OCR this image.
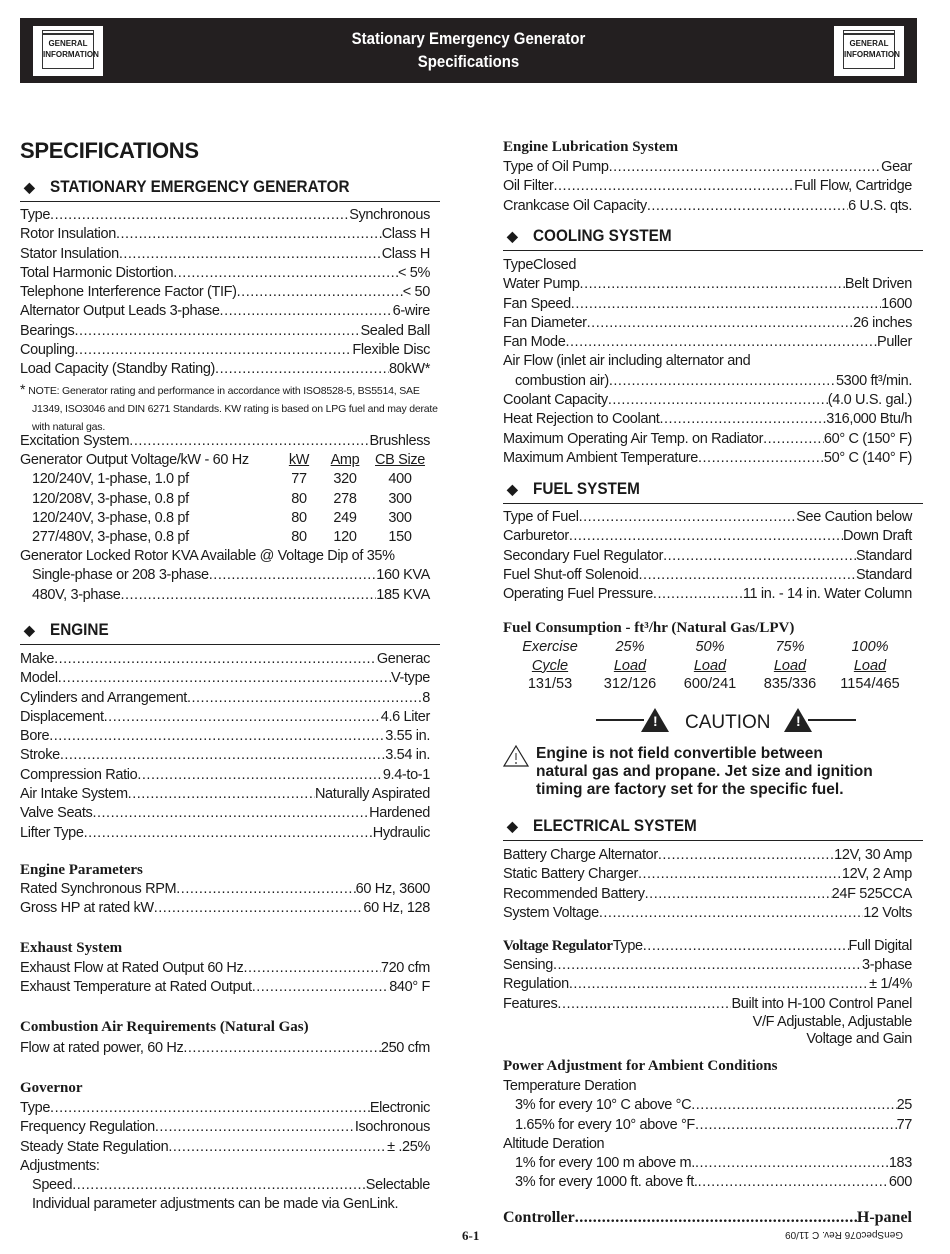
GENERAL
INFORMATION
Stationary Emergency Generator
Specifications
GENERAL
INFORMATION
SPECIFICATIONS
* NOTE: Generator rating and performance in accordance with ISO8528-5, BS5514, SAE
J1349, ISO3046 and DIN 6271 Standards. KW rating is based on LPG fuel and may derate
with natural gas.
Generator Output Voltage/kW - 60 Hz	kW	Amp	CB Size
120/240V, 1-phase, 1.0 pf	77	320	400
120/208V, 3-phase, 0.8 pf	80	278	300
120/240V, 3-phase, 0.8 pf	80	249	300
277/480V, 3-phase, 0.8 pf	80	120	150
Fuel Consumption - ft³/hr (Natural Gas/LPV)
Exercise	25%	50%	75%	100%
Cycle	Load	Load	Load	Load
131/53	312/126	600/241	835/336	1154/465
! CAUTION !
Engine is not field convertible between
natural gas and propane. Jet size and ignition
timing are factory set for the specific fuel.
Voltage Regulator Type .....	Full Digital
V/F Adjustable, Adjustable
Voltage and Gain
Controller .....	H-panel
6-1	GenSpec076 Rev. C 11/09
◆ STATIONARY EMERGENCY GENERATOR
Type .....	Synchronous
Rotor Insulation .....	Class H
Stator Insulation .....	Class H
Total Harmonic Distortion .....	< 5%
Telephone Interference Factor (TIF) .....	< 50
Alternator Output Leads 3-phase .....	6-wire
Bearings .....	Sealed Ball
Coupling .....	Flexible Disc
Load Capacity (Standby Rating) .....	80kW*
Excitation System .....	Brushless
Generator Locked Rotor KVA Available @ Voltage Dip of 35%
Single-phase or 208 3-phase .....	160 KVA
480V, 3-phase .....	185 KVA
◆ ENGINE
Make .....	Generac
Model .....	V-type
Cylinders and Arrangement .....	8
Displacement .....	4.6 Liter
Bore .....	3.55 in.
Stroke .....	3.54 in.
Compression Ratio .....	9.4-to-1
Air Intake System .....	Naturally Aspirated
Valve Seats .....	Hardened
Lifter Type .....	Hydraulic
Engine Parameters
Rated Synchronous RPM .....	60 Hz, 3600
Gross HP at rated kW .....	60 Hz, 128
Exhaust System
Exhaust Flow at Rated Output 60 Hz .....	720 cfm
Exhaust Temperature at Rated Output .....	840° F
Combustion Air Requirements (Natural Gas)
Flow at rated power, 60 Hz .....	250 cfm
Governor
Type .....	Electronic
Frequency Regulation .....	Isochronous
Steady State Regulation .....	± .25%
Adjustments:
Speed .....	Selectable
Individual parameter adjustments can be made via GenLink.
Engine Lubrication System
Type of Oil Pump .....	Gear
Oil Filter .....	Full Flow, Cartridge
Crankcase Oil Capacity .....	6 U.S. qts.
◆ COOLING SYSTEM
TypeClosed
Water Pump .....	Belt Driven
Fan Speed .....	1600
Fan Diameter .....	26 inches
Fan Mode .....	Puller
Air Flow (inlet air including alternator and
combustion air) .....	5300 ft³/min.
Coolant Capacity .....	(4.0 U.S. gal.)
Heat Rejection to Coolant .....	316,000 Btu/h
Maximum Operating Air Temp. on Radiator .....	60° C (150° F)
Maximum Ambient Temperature .....	50° C (140° F)
◆ FUEL SYSTEM
Type of Fuel .....	See Caution below
Carburetor .....	Down Draft
Secondary Fuel Regulator .....	Standard
Fuel Shut-off Solenoid .....	Standard
Operating Fuel Pressure .....	11 in. - 14 in. Water Column
◆ ELECTRICAL SYSTEM
Battery Charge Alternator .....	12V, 30 Amp
Static Battery Charger .....	12V, 2 Amp
Recommended Battery .....	24F 525CCA
System Voltage .....	12 Volts
Sensing .....	3-phase
Regulation .....	± 1/4%
Features .....	Built into H-100 Control Panel
Power Adjustment for Ambient Conditions
Temperature Deration
3% for every 10° C above °C .....	25
1.65% for every 10° above °F .....	77
Altitude Deration
1% for every 100 m above m. .....	183
3% for every 1000 ft. above ft. .....	600
